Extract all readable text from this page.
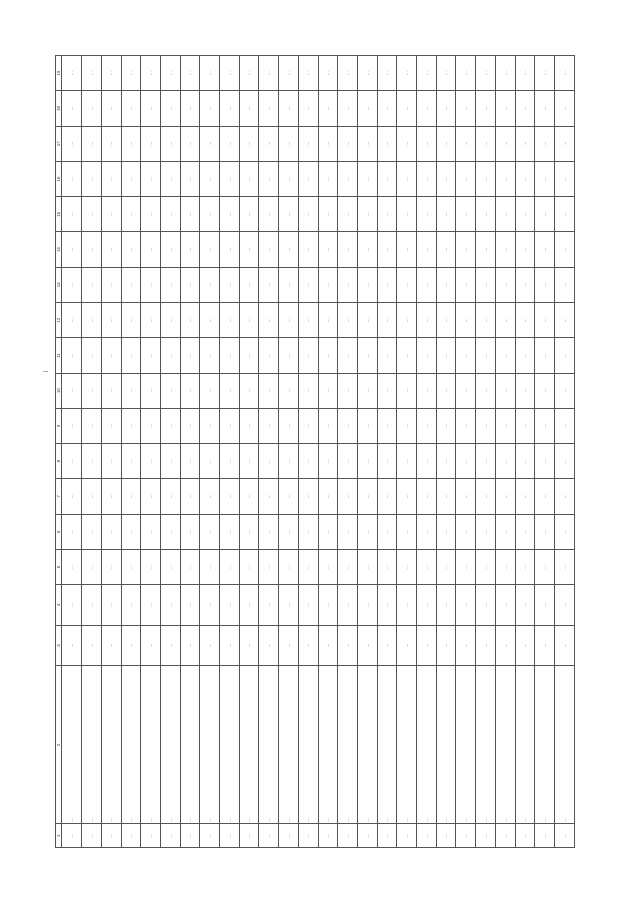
1	2	3	4	5	6	7	8	9	10	11	12	13	14	15	16	17	18	19
…	…	…	…	…	…	…	…	…	…	…	…	…	…	…	…	…	…	…
…	…	…	…	…	…	…	…	…	…	…	…	…	…	…	…	…	…	…
…	…	…	…	…	…	…	…	…	…	…	…	…	…	…	…	…	…	…
…	…	…	…	…	…	…	…	…	…	…	…	…	…	…	…	…	…	…
…	…	…	…	…	…	…	…	…	…	…	…	…	…	…	…	…	…	…
…	…	…	…	…	…	…	…	…	…	…	…	…	…	…	…	…	…	…
…	…	…	…	…	…	…	…	…	…	…	…	…	…	…	…	…	…	…
…	…	…	…	…	…	…	…	…	…	…	…	…	…	…	…	…	…	…
…	…	…	…	…	…	…	…	…	…	…	…	…	…	…	…	…	…	…
…	…	…	…	…	…	…	…	…	…	…	…	…	…	…	…	…	…	…
…	…	…	…	…	…	…	…	…	…	…	…	…	…	…	…	…	…	…
…	…	…	…	…	…	…	…	…	…	…	…	…	…	…	…	…	…	…
…	…	…	…	…	…	…	…	…	…	…	…	…	…	…	…	…	…	…
…	…	…	…	…	…	…	…	…	…	…	…	…	…	…	…	…	…	…
…	…	…	…	…	…	…	…	…	…	…	…	…	…	…	…	…	…	…
…	…	…	…	…	…	…	…	…	…	…	…	…	…	…	…	…	…	…
…	…	…	…	…	…	…	…	…	…	…	…	…	…	…	…	…	…	…
…	…	…	…	…	…	…	…	…	…	…	…	…	…	…	…	…	…	…
…	…	…	…	…	…	…	…	…	…	…	…	…	…	…	…	…	…	…
…	…	…	…	…	…	…	…	…	…	…	…	…	…	…	…	…	…	…
…	…	…	…	…	…	…	…	…	…	…	…	…	…	…	…	…	…	…
…	…	…	…	…	…	…	…	…	…	…	…	…	…	…	…	…	…	…
…	…	…	…	…	…	…	…	…	…	…	…	…	…	…	…	…	…	…
…	…	…	…	…	…	…	…	…	…	…	…	…	…	…	…	…	…	…
…	…	…	…	…	…	…	…	…	…	…	…	…	…	…	…	…	…	…
…	…	…	…	…	…	…	…	…	…	…	…	…	…	…	…	…	…	…
